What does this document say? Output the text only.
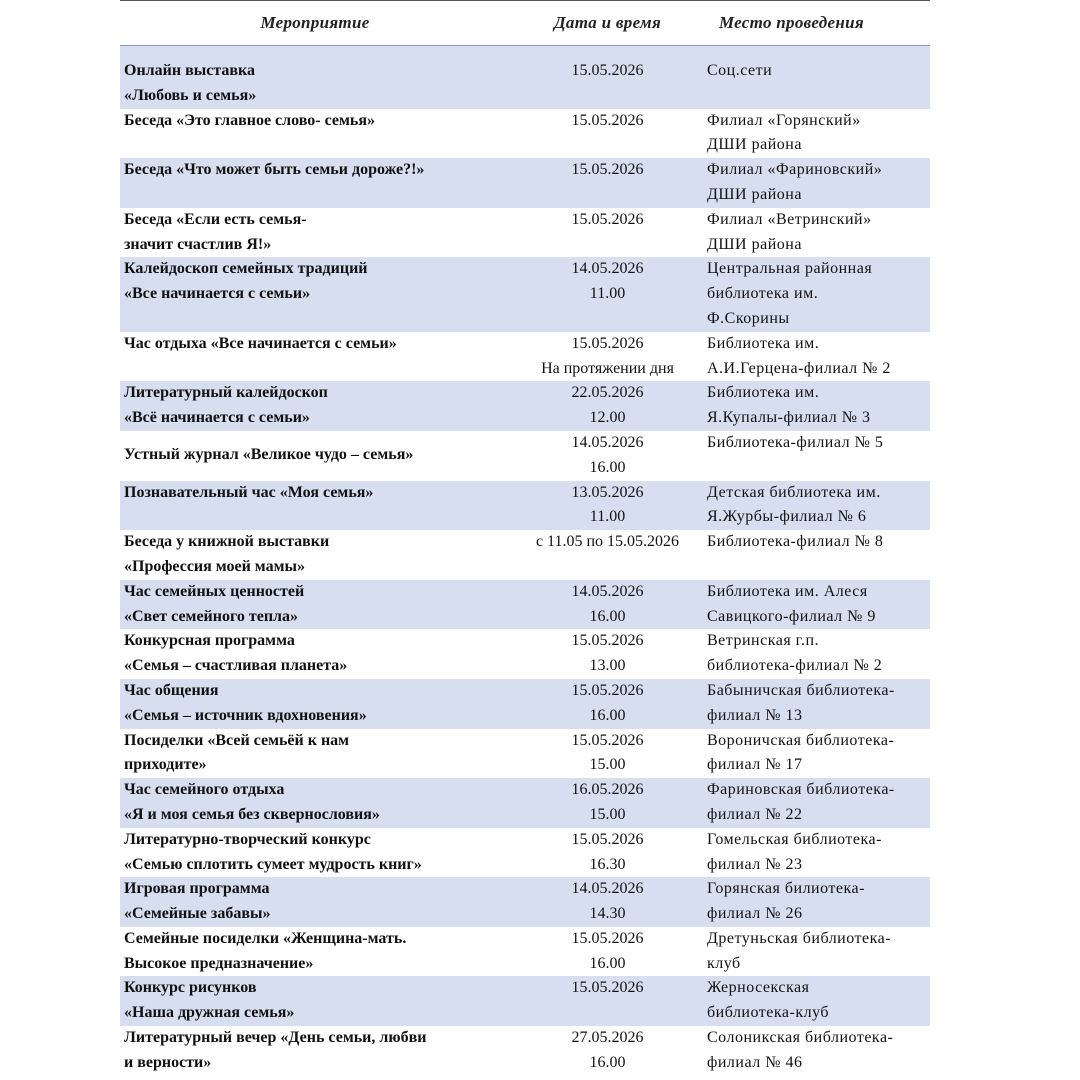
Мероприятие	Дата и время	Место проведения

Онлайн выставка
«Любовь и семья»	15.05.2026	Соц.сети

Беседа «Это главное слово- семья»	15.05.2026	Филиал «Горянский»
ДШИ района

Беседа «Что может быть семьи дороже?!»	15.05.2026	Филиал «Фариновский»
ДШИ района

Беседа «Если есть семья-
значит счастлив Я!»	15.05.2026	Филиал «Ветринский»
ДШИ района

Калейдоскоп семейных традиций
«Все начинается с семьи»	14.05.2026
11.00	Центральная районная
библиотека им.
Ф.Скорины

Час отдыха «Все начинается с семьи»	15.05.2026
На протяжении дня	Библиотека им.
А.И.Герцена-филиал № 2

Литературный калейдоскоп
«Всё начинается с семьи»	22.05.2026
12.00	Библиотека им.
Я.Купалы-филиал № 3

Устный журнал «Великое чудо – семья»	14.05.2026
16.00	Библиотека-филиал № 5

Познавательный час «Моя семья»	13.05.2026
11.00	Детская библиотека им.
Я.Журбы-филиал № 6

Беседа у книжной выставки
«Профессия моей мамы»	с 11.05 по 15.05.2026	Библиотека-филиал № 8

Час семейных ценностей
«Свет семейного тепла»	14.05.2026
16.00	Библиотека им. Алеся
Савицкого-филиал № 9

Конкурсная программа
«Семья – счастливая планета»	15.05.2026
13.00	Ветринская г.п.
библиотека-филиал № 2

Час общения
«Семья – источник вдохновения»	15.05.2026
16.00	Бабыничская библиотека-
филиал № 13

Посиделки «Всей семьёй к нам
приходите»	15.05.2026
15.00	Вороничская библиотека-
филиал № 17

Час семейного отдыха
«Я и моя семья без сквернословия»	16.05.2026
15.00	Фариновская библиотека-
филиал № 22

Литературно-творческий конкурс
«Семью сплотить сумеет мудрость книг»	15.05.2026
16.30	Гомельская библиотека-
филиал № 23

Игровая программа
«Семейные забавы»	14.05.2026
14.30	Горянская билиотека-
филиал № 26

Семейные посиделки «Женщина-мать.
Высокое предназначение»	15.05.2026
16.00	Дретуньская библиотека-
клуб

Конкурс рисунков
«Наша дружная семья»	15.05.2026	Жерносекская
библиотека-клуб

Литературный вечер «День семьи, любви
и верности»	27.05.2026
16.00	Солоникская библиотека-
филиал № 46
